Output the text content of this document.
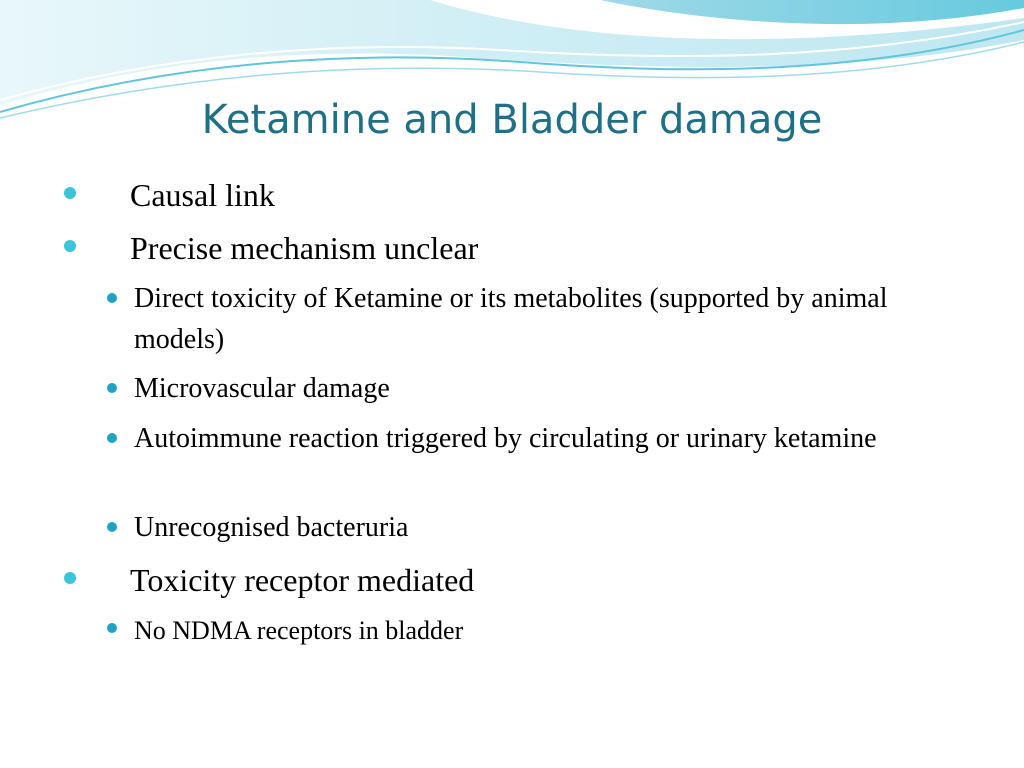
Ketamine and Bladder damage
Causal link
Precise mechanism unclear
Direct toxicity of Ketamine or its metabolites (supported by animal models)
Microvascular damage
Autoimmune reaction triggered by circulating or urinary ketamine
Unrecognised bacteruria
Toxicity receptor mediated
No NDMA receptors in bladder
